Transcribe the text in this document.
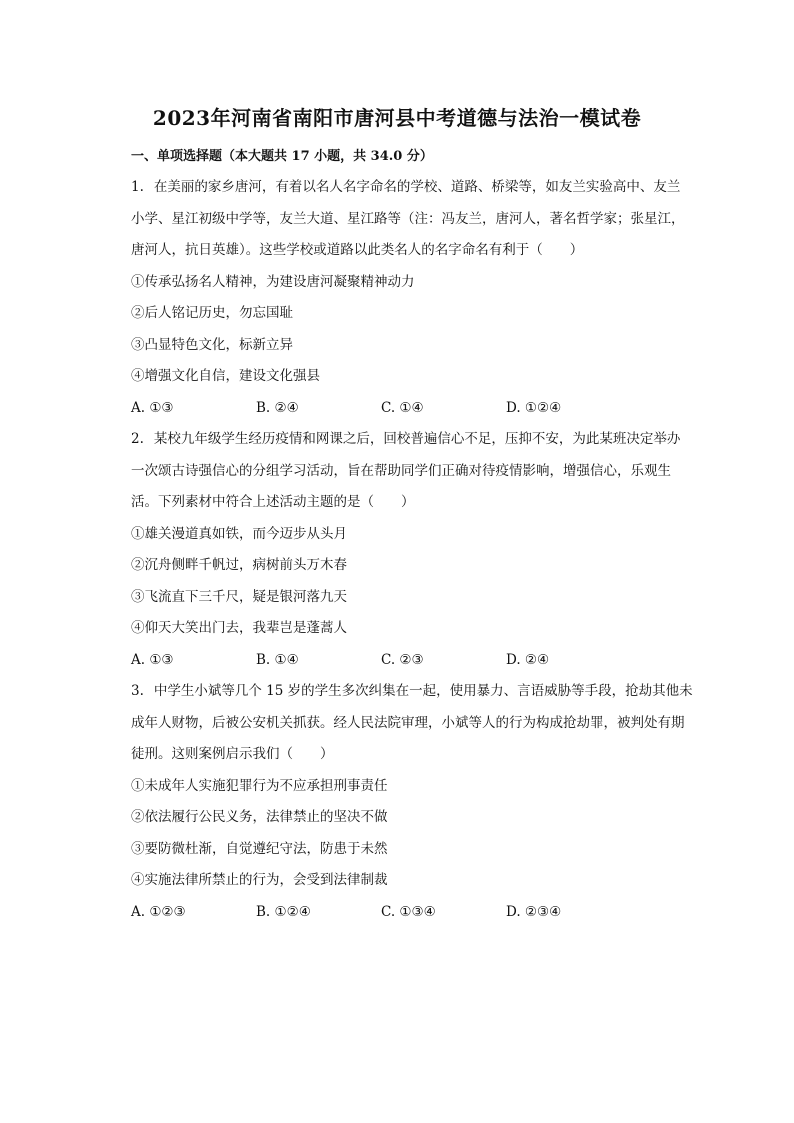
2023年河南省南阳市唐河县中考道德与法治一模试卷
一、单项选择题（本大题共 17 小题，共 34.0 分）

1. 在美丽的家乡唐河，有着以名人名字命名的学校、道路、桥梁等，如友兰实验高中、友兰小学、星江初级中学等，友兰大道、星江路等（注：冯友兰，唐河人，著名哲学家；张星江，唐河人，抗日英雄）。这些学校或道路以此类名人的名字命名有利于（　　）

①传承弘扬名人精神，为建设唐河凝聚精神动力

②后人铭记历史，勿忘国耻

③凸显特色文化，标新立异

④增强文化自信，建设文化强县

A. ①③	B. ②④	C. ①④	D. ①②④

2. 某校九年级学生经历疫情和网课之后，回校普遍信心不足，压抑不安，为此某班决定举办一次颂古诗强信心的分组学习活动，旨在帮助同学们正确对待疫情影响，增强信心，乐观生活。下列素材中符合上述活动主题的是（　　）

①雄关漫道真如铁，而今迈步从头月

②沉舟侧畔千帆过，病树前头万木春

③飞流直下三千尺，疑是银河落九天

④仰天大笑出门去，我辈岂是蓬蒿人

A. ①③	B. ①④	C. ②③	D. ②④

3. 中学生小斌等几个 15 岁的学生多次纠集在一起，使用暴力、言语威胁等手段，抢劫其他未成年人财物，后被公安机关抓获。经人民法院审理，小斌等人的行为构成抢劫罪，被判处有期徒刑。这则案例启示我们（　　）

①未成年人实施犯罪行为不应承担刑事责任

②依法履行公民义务，法律禁止的坚决不做

③要防微杜渐，自觉遵纪守法，防患于未然

④实施法律所禁止的行为，会受到法律制裁

A. ①②③	B. ①②④	C. ①③④	D. ②③④
